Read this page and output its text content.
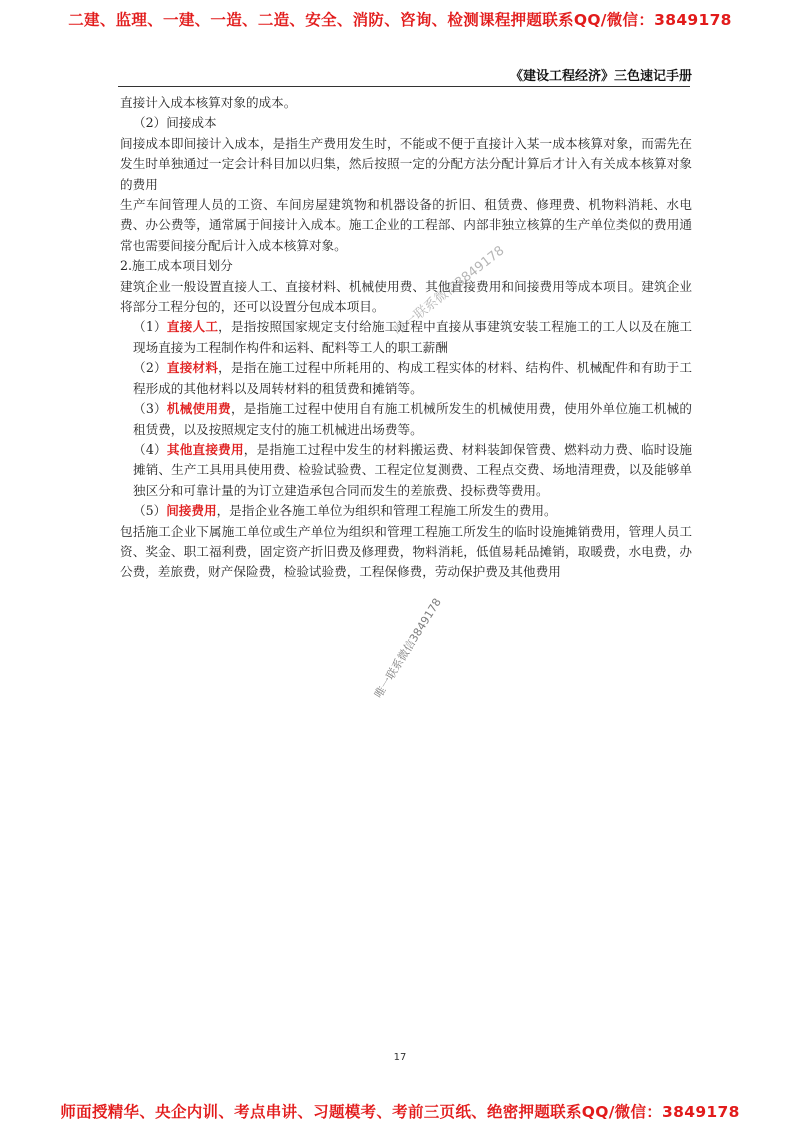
二建、监理、一建、一造、二造、安全、消防、咨询、检测课程押题联系QQ/微信：3849178
《建设工程经济》三色速记手册

直接计入成本核算对象的成本。

（2）间接成本

间接成本即间接计入成本，是指生产费用发生时，不能或不便于直接计入某一成本核算对象，而需先在发生时单独通过一定会计科目加以归集，然后按照一定的分配方法分配计算后才计入有关成本核算对象的费用

生产车间管理人员的工资、车间房屋建筑物和机器设备的折旧、租赁费、修理费、机物料消耗、水电费、办公费等，通常属于间接计入成本。施工企业的工程部、内部非独立核算的生产单位类似的费用通常也需要间接分配后计入成本核算对象。

2.施工成本项目划分

建筑企业一般设置直接人工、直接材料、机械使用费、其他直接费用和间接费用等成本项目。建筑企业将部分工程分包的，还可以设置分包成本项目。

（1）直接人工，是指按照国家规定支付给施工过程中直接从事建筑安装工程施工的工人以及在施工现场直接为工程制作构件和运料、配料等工人的职工薪酬

（2）直接材料，是指在施工过程中所耗用的、构成工程实体的材料、结构件、机械配件和有助于工程形成的其他材料以及周转材料的租赁费和摊销等。

（3）机械使用费，是指施工过程中使用自有施工机械所发生的机械使用费，使用外单位施工机械的租赁费，以及按照规定支付的施工机械进出场费等。

（4）其他直接费用，是指施工过程中发生的材料搬运费、材料装卸保管费、燃料动力费、临时设施摊销、生产工具用具使用费、检验试验费、工程定位复测费、工程点交费、场地清理费，以及能够单独区分和可靠计量的为订立建造承包合同而发生的差旅费、投标费等费用。

（5）间接费用，是指企业各施工单位为组织和管理工程施工所发生的费用。

包括施工企业下属施工单位或生产单位为组织和管理工程施工所发生的临时设施摊销费用，管理人员工资、奖金、职工福利费，固定资产折旧费及修理费，物料消耗，低值易耗品摊销，取暖费，水电费，办公费，差旅费，财产保险费，检验试验费，工程保修费，劳动保护费及其他费用

唯一联系微信3849178
唯一联系微信3849178
17
师面授精华、央企内训、考点串讲、习题模考、考前三页纸、绝密押题联系QQ/微信：3849178
